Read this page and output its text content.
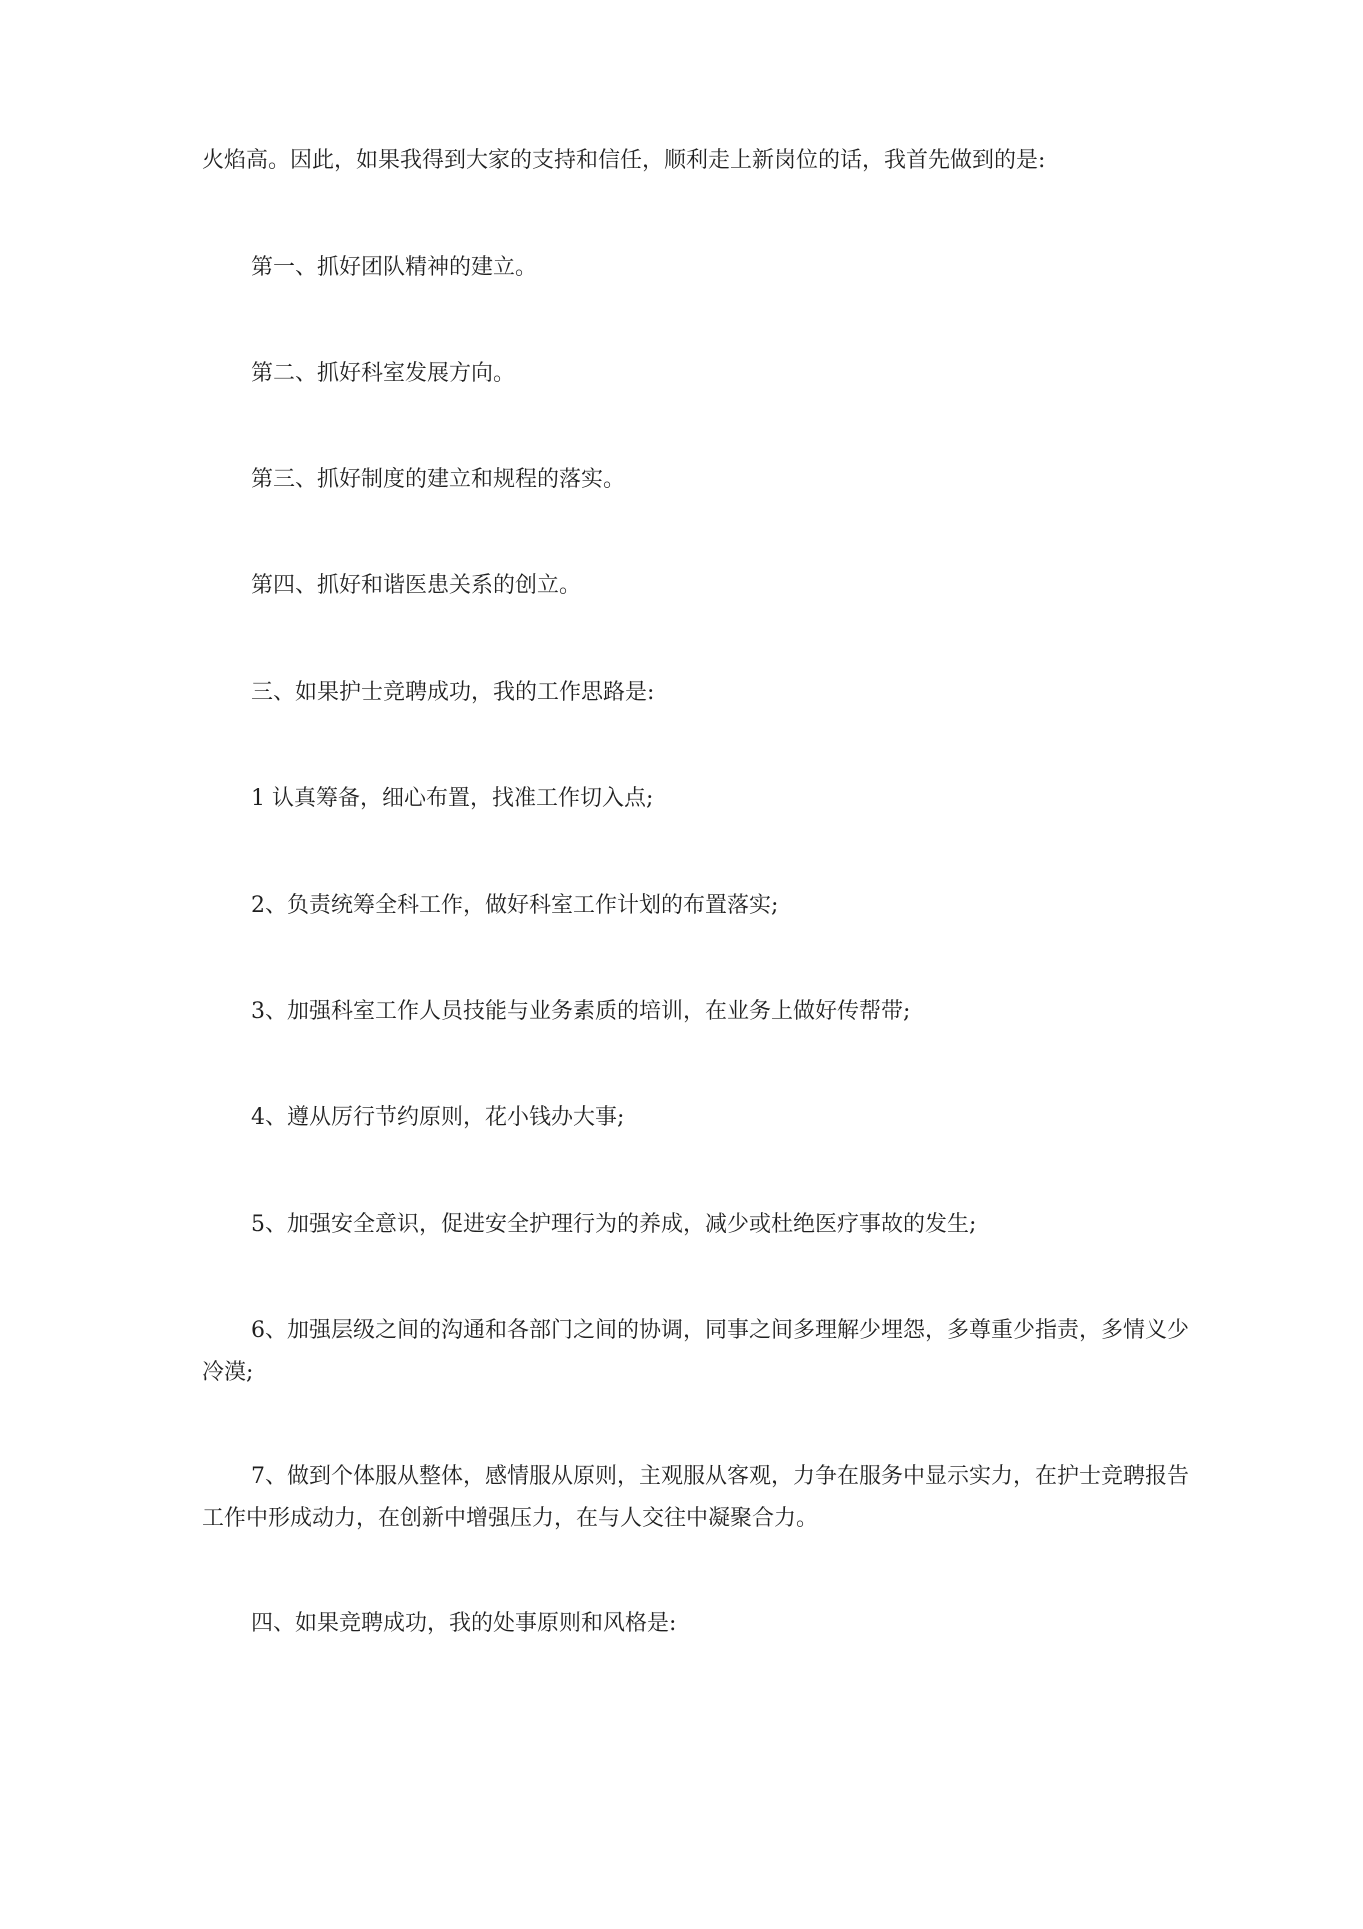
火焰高。因此，如果我得到大家的支持和信任，顺利走上新岗位的话，我首先做到的是:

第一、抓好团队精神的建立。

第二、抓好科室发展方向。

第三、抓好制度的建立和规程的落实。

第四、抓好和谐医患关系的创立。

三、如果护士竞聘成功，我的工作思路是:

1 认真筹备，细心布置，找准工作切入点;

2、负责统筹全科工作，做好科室工作计划的布置落实;

3、加强科室工作人员技能与业务素质的培训，在业务上做好传帮带;

4、遵从厉行节约原则，花小钱办大事;

5、加强安全意识，促进安全护理行为的养成，减少或杜绝医疗事故的发生;

6、加强层级之间的沟通和各部门之间的协调，同事之间多理解少埋怨，多尊重少指责，多情义少冷漠;

7、做到个体服从整体，感情服从原则，主观服从客观，力争在服务中显示实力，在护士竞聘报告工作中形成动力，在创新中增强压力，在与人交往中凝聚合力。

四、如果竞聘成功，我的处事原则和风格是:
